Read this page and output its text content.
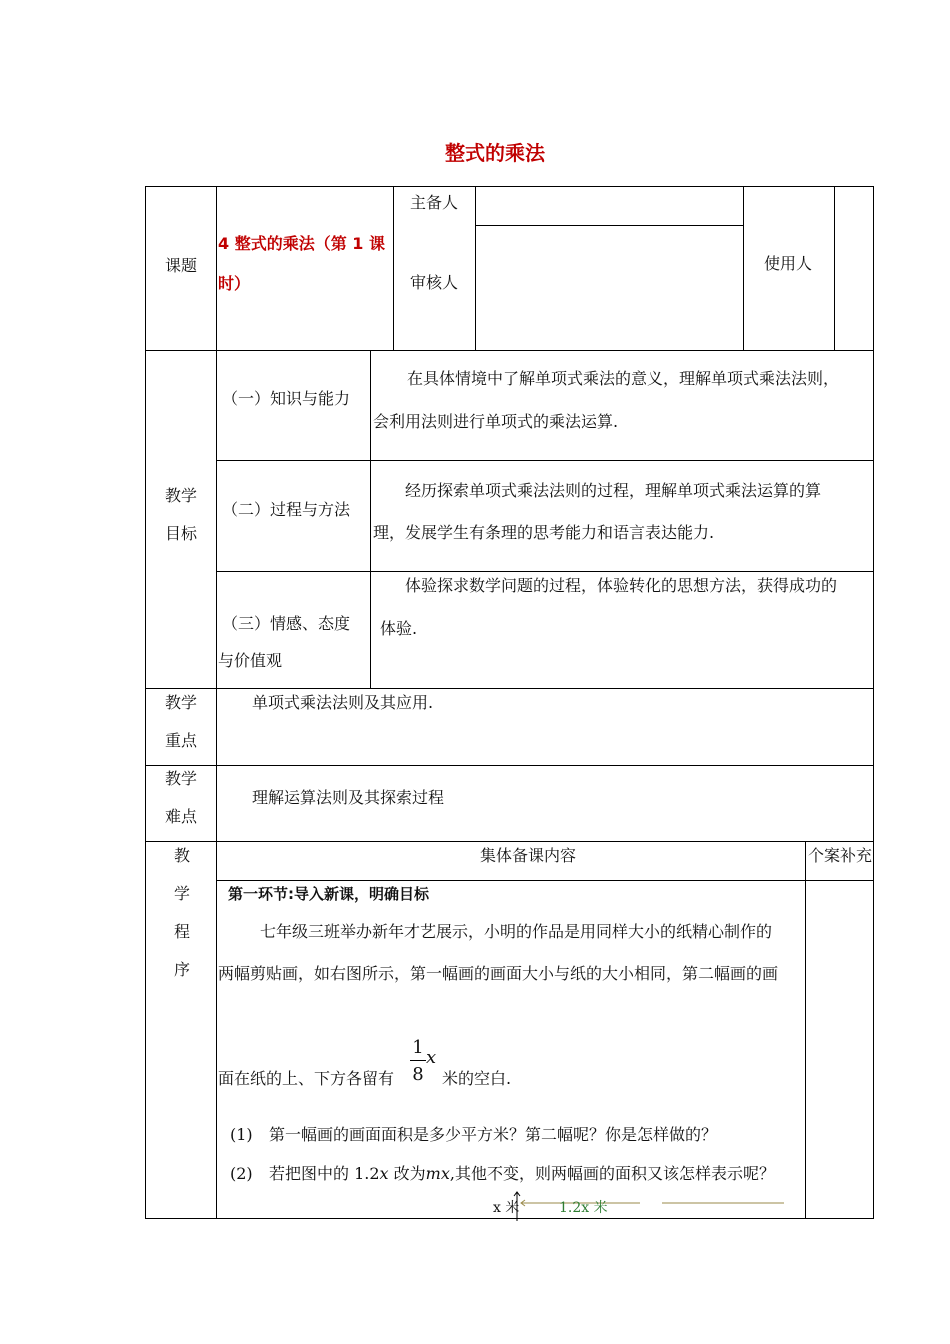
整式的乘法
课题
4 整式的乘法（第 1 课
时）
主备人
审核人
使用人
教学
目标
（一）知识与能力
在具体情境中了解单项式乘法的意义，理解单项式乘法法则，
会利用法则进行单项式的乘法运算.
（二）过程与方法
经历探索单项式乘法法则的过程，理解单项式乘法运算的算
理，发展学生有条理的思考能力和语言表达能力.
（三）情感、态度
与价值观
体验探求数学问题的过程，体验转化的思想方法，获得成功的
体验.
教学
重点
单项式乘法法则及其应用.
教学
难点
理解运算法则及其探索过程
教
学
程
序
集体备课内容	个案补充
第一环节:导入新课，明确目标
七年级三班举办新年才艺展示，小明的作品是用同样大小的纸精心制作的
两幅剪贴画，如右图所示，第一幅画的画面大小与纸的大小相同，第二幅画的画
面在纸的上、下方各留有
1
8
x
米的空白.
(1) 第一幅画的画面面积是多少平方米？第二幅呢？你是怎样做的？
(2) 若把图中的 1.2x 改为mx,其他不变，则两幅画的面积又该怎样表示呢？
x 米	1.2x 米
